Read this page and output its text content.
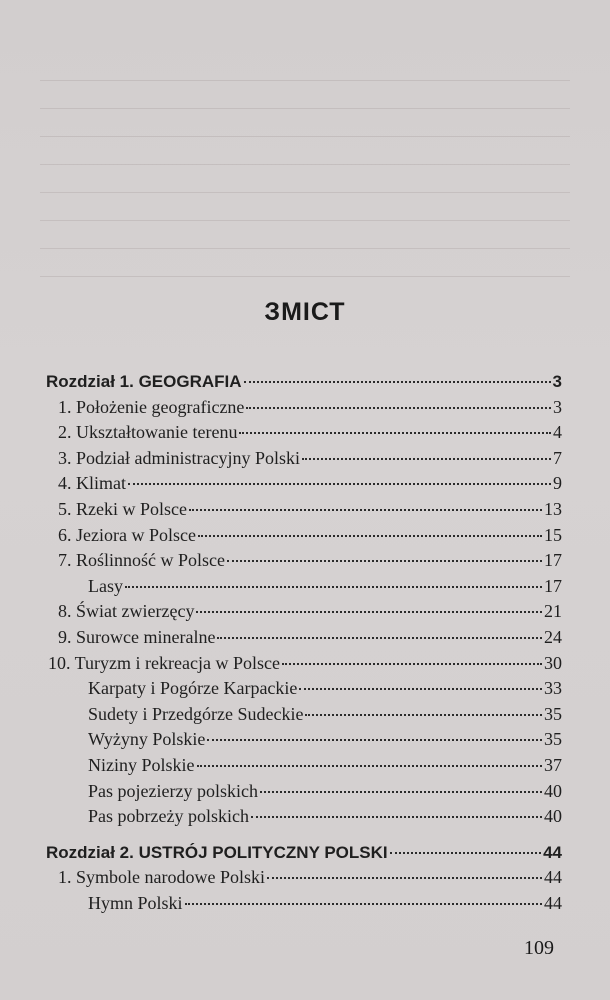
ЗМІСТ
Rozdział 1. GEOGRAFIA	3
1. Położenie geograficzne	3
2. Ukształtowanie terenu	4
3. Podział administracyjny Polski	7
4. Klimat	9
5. Rzeki w Polsce	13
6. Jeziora w Polsce	15
7. Roślinność w Polsce	17
Lasy	17
8. Świat zwierzęcy	21
9. Surowce mineralne	24
10. Turyzm i rekreacja w Polsce	30
Karpaty i Pogórze Karpackie	33
Sudety i Przedgórze Sudeckie	35
Wyżyny Polskie	35
Niziny Polskie	37
Pas pojezierzy polskich	40
Pas pobrzeży polskich	40
Rozdział 2. USTRÓJ POLITYCZNY POLSKI	44
1. Symbole narodowe Polski	44
Hymn Polski	44
109
